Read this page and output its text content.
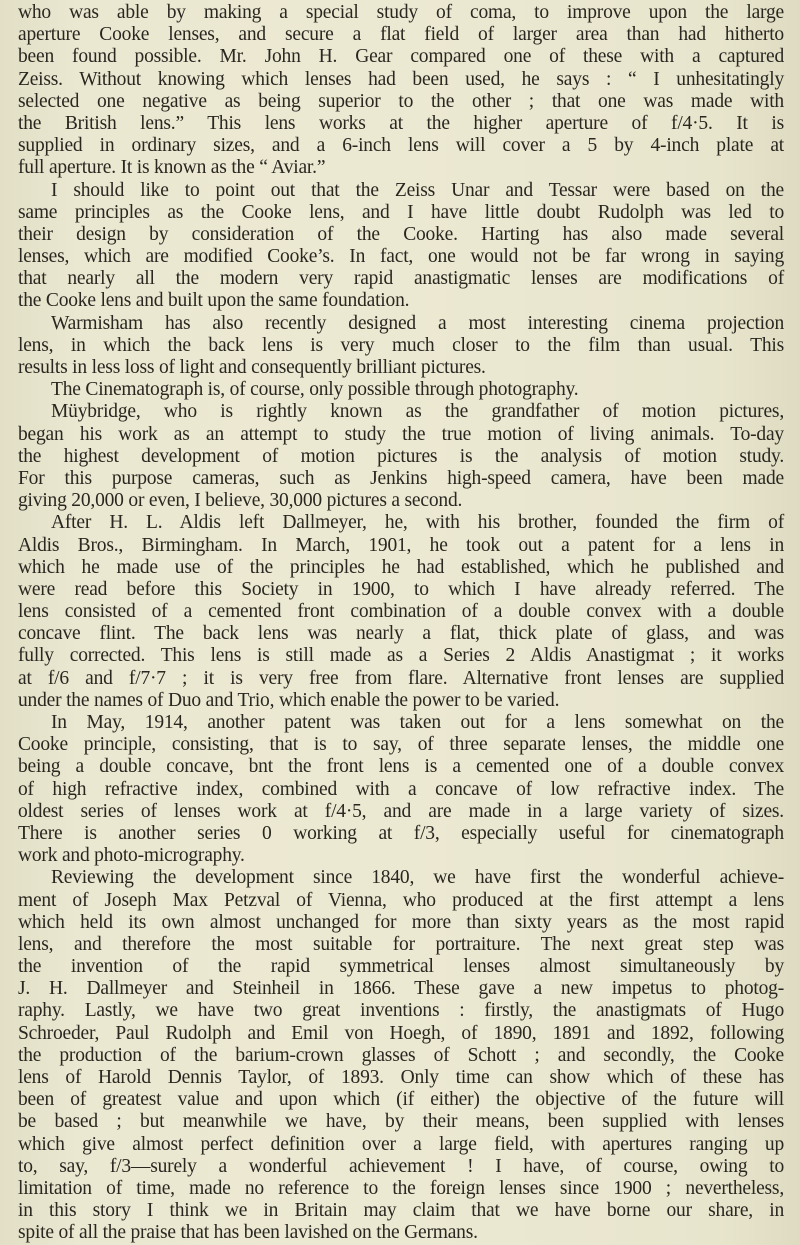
who was able by making a special study of coma, to improve upon the large
aperture Cooke lenses, and secure a flat field of larger area than had hitherto
been found possible. Mr. John H. Gear compared one of these with a captured
Zeiss. Without knowing which lenses had been used, he says : “ I unhesitatingly
selected one negative as being superior to the other ; that one was made with
the British lens.” This lens works at the higher aperture of f/4·5. It is
supplied in ordinary sizes, and a 6-inch lens will cover a 5 by 4-inch plate at
full aperture. It is known as the “ Aviar.”
I should like to point out that the Zeiss Unar and Tessar were based on the
same principles as the Cooke lens, and I have little doubt Rudolph was led to
their design by consideration of the Cooke. Harting has also made several
lenses, which are modified Cooke’s. In fact, one would not be far wrong in saying
that nearly all the modern very rapid anastigmatic lenses are modifications of
the Cooke lens and built upon the same foundation.
Warmisham has also recently designed a most interesting cinema projection
lens, in which the back lens is very much closer to the film than usual. This
results in less loss of light and consequently brilliant pictures.
The Cinematograph is, of course, only possible through photography.
Müybridge, who is rightly known as the grandfather of motion pictures,
began his work as an attempt to study the true motion of living animals. To-day
the highest development of motion pictures is the analysis of motion study.
For this purpose cameras, such as Jenkins high-speed camera, have been made
giving 20,000 or even, I believe, 30,000 pictures a second.
After H. L. Aldis left Dallmeyer, he, with his brother, founded the firm of
Aldis Bros., Birmingham. In March, 1901, he took out a patent for a lens in
which he made use of the principles he had established, which he published and
were read before this Society in 1900, to which I have already referred. The
lens consisted of a cemented front combination of a double convex with a double
concave flint. The back lens was nearly a flat, thick plate of glass, and was
fully corrected. This lens is still made as a Series 2 Aldis Anastigmat ; it works
at f/6 and f/7·7 ; it is very free from flare. Alternative front lenses are supplied
under the names of Duo and Trio, which enable the power to be varied.
In May, 1914, another patent was taken out for a lens somewhat on the
Cooke principle, consisting, that is to say, of three separate lenses, the middle one
being a double concave, bnt the front lens is a cemented one of a double convex
of high refractive index, combined with a concave of low refractive index. The
oldest series of lenses work at f/4·5, and are made in a large variety of sizes.
There is another series 0 working at f/3, especially useful for cinematograph
work and photo-micrography.
Reviewing the development since 1840, we have first the wonderful achieve-
ment of Joseph Max Petzval of Vienna, who produced at the first attempt a lens
which held its own almost unchanged for more than sixty years as the most rapid
lens, and therefore the most suitable for portraiture. The next great step was
the invention of the rapid symmetrical lenses almost simultaneously by
J. H. Dallmeyer and Steinheil in 1866. These gave a new impetus to photog-
raphy. Lastly, we have two great inventions : firstly, the anastigmats of Hugo
Schroeder, Paul Rudolph and Emil von Hoegh, of 1890, 1891 and 1892, following
the production of the barium-crown glasses of Schott ; and secondly, the Cooke
lens of Harold Dennis Taylor, of 1893. Only time can show which of these has
been of greatest value and upon which (if either) the objective of the future will
be based ; but meanwhile we have, by their means, been supplied with lenses
which give almost perfect definition over a large field, with apertures ranging up
to, say, f/3—surely a wonderful achievement ! I have, of course, owing to
limitation of time, made no reference to the foreign lenses since 1900 ; nevertheless,
in this story I think we in Britain may claim that we have borne our share, in
spite of all the praise that has been lavished on the Germans.
